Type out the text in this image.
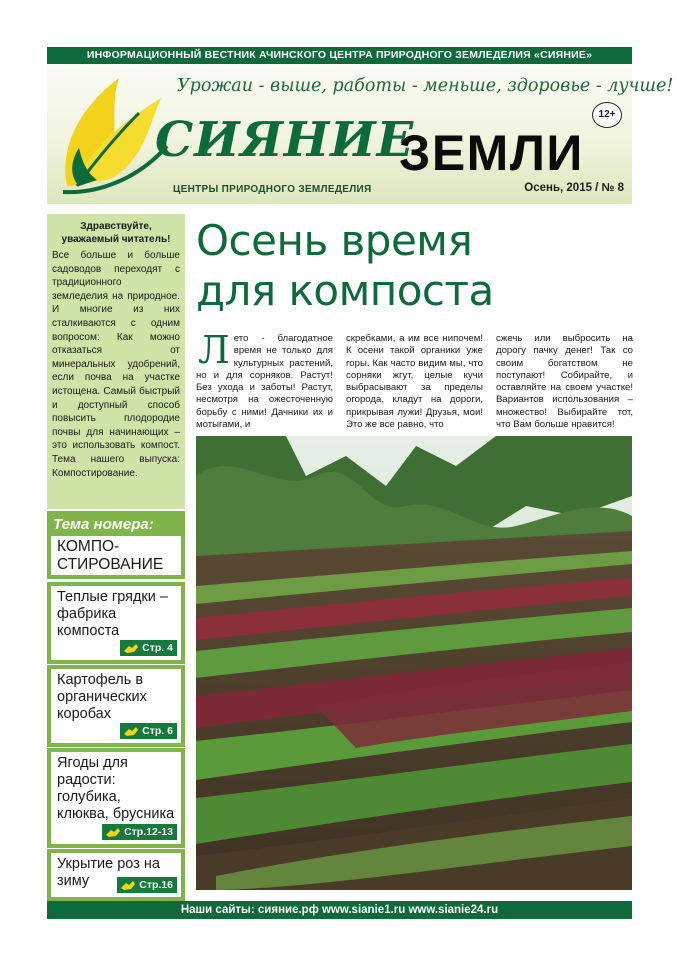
ИНФОРМАЦИОННЫЙ ВЕСТНИК АЧИНСКОГО ЦЕНТРА ПРИРОДНОГО ЗЕМЛЕДЕЛИЯ «СИЯНИЕ»
Урожаи - выше, работы - меньше, здоровье - лучше!
12+
СИЯНИЕ
ЗЕМЛИ
ЦЕНТРЫ ПРИРОДНОГО ЗЕМЛЕДЕЛИЯ	Осень, 2015 / № 8
Здравствуйте, уважаемый читатель!
Все больше и больше садоводов переходят с традиционного земледелия на природное. И многие из них сталкиваются с одним вопросом: Как можно отказаться от минеральных удобрений, если почва на участке истощена. Самый быстрый и доступный способ повысить плодородие почвы для начинающих – это использовать компост. Тема нашего выпуска: Компостирование.
Тема номера:
КОМПО-СТИРОВАНИЕ
Теплые грядки – фабрика компоста
Стр. 4
Картофель в органических коробах
Стр. 6
Ягоды для радости: голубика, клюква, брусника
Стр.12-13
Укрытие роз на зиму	Стр.16
Осень время
для компоста
Л ето - благодатное время не только для культурных растений, но и для сорняков. Растут! Без ухода и заботы! Растут, несмотря на ожесточенную борьбу с ними! Дачники их и мотыгами, и
скребками, а им все нипочем! К осени такой органики уже горы. Как часто видим мы, что сорняки жгут, целые кучи выбрасывают за пределы огорода, кладут на дороги, прикрывая лужи! Друзья, мои! Это же все равно, что
сжечь или выбросить на дорогу пачку денег! Так со своим богатством не поступают! Собирайте, и оставляйте на своем участке! Вариантов использования – множество! Выбирайте тот, что Вам больше нравится!
Наши сайты: сияние.рф www.sianie1.ru www.sianie24.ru
